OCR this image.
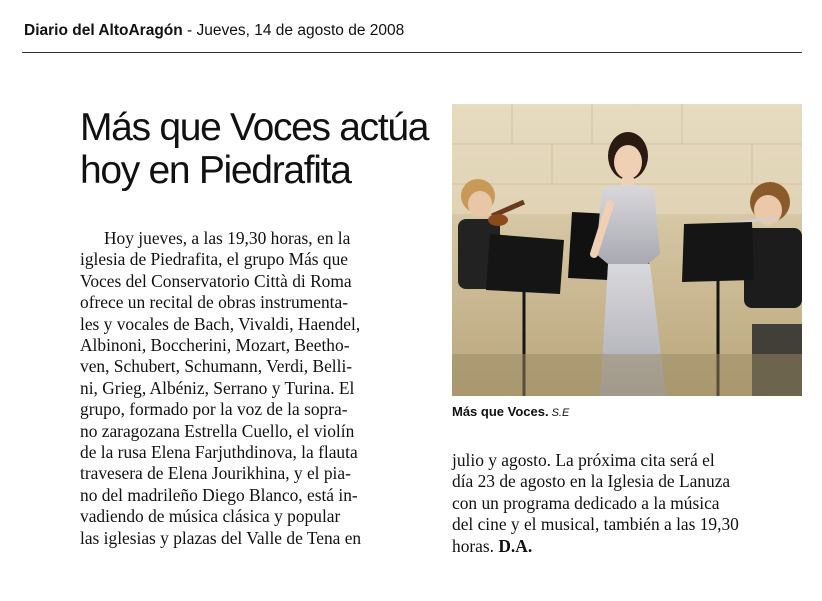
Diario del AltoAragón - Jueves, 14 de agosto de 2008
Más que Voces actúa
hoy en Piedrafita
Hoy jueves, a las 19,30 horas, en la
iglesia de Piedrafita, el grupo Más que
Voces del Conservatorio Città di Roma
ofrece un recital de obras instrumenta-
les y vocales de Bach, Vivaldi, Haendel,
Albinoni, Boccherini, Mozart, Beetho-
ven, Schubert, Schumann, Verdi, Belli-
ni, Grieg, Albéniz, Serrano y Turina. El
grupo, formado por la voz de la sopra-
no zaragozana Estrella Cuello, el violín
de la rusa Elena Farjuthdinova, la flauta
travesera de Elena Jourikhina, y el pia-
no del madrileño Diego Blanco, está in-
vadiendo de música clásica y popular
las iglesias y plazas del Valle de Tena en
Más que Voces. S.E
julio y agosto. La próxima cita será el
día 23 de agosto en la Iglesia de Lanuza
con un programa dedicado a la música
del cine y el musical, también a las 19,30
horas. D.A.
